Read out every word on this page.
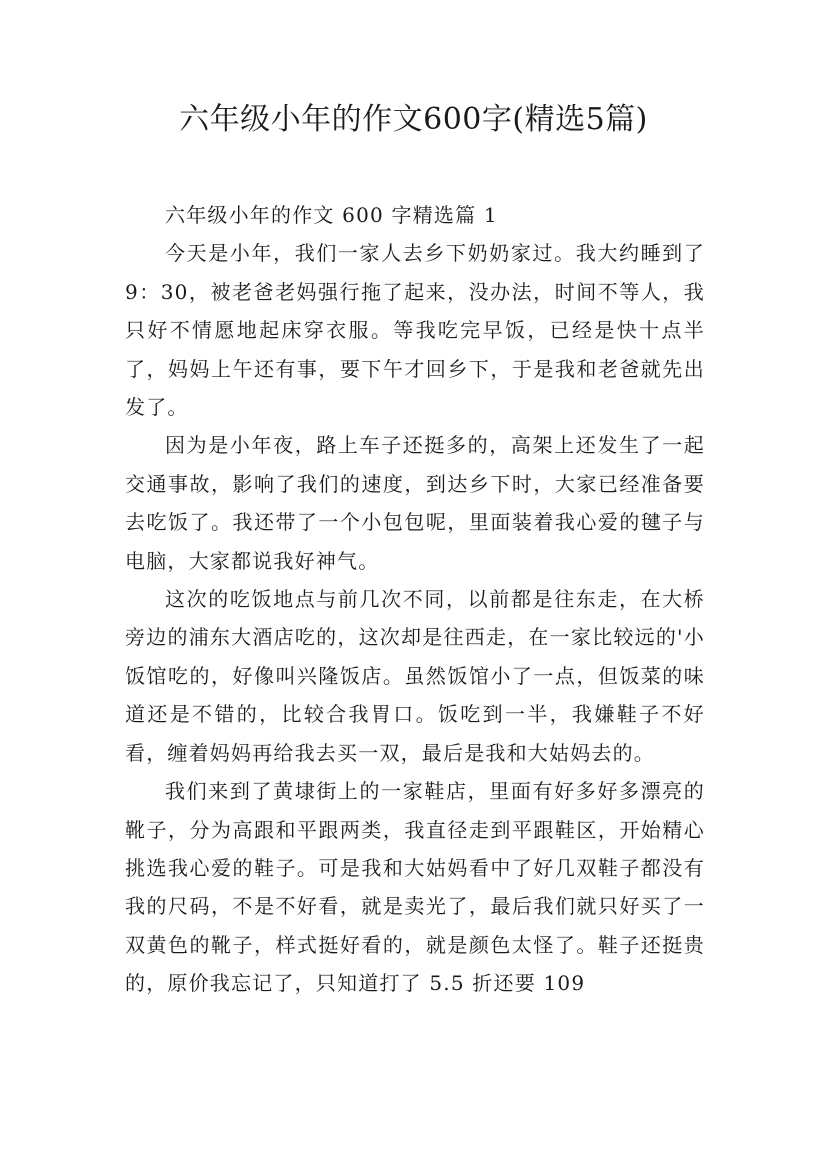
六年级小年的作文600字(精选5篇)

六年级小年的作文 600 字精选篇 1

今天是小年，我们一家人去乡下奶奶家过。我大约睡到了 9：30，被老爸老妈强行拖了起来，没办法，时间不等人，我只好不情愿地起床穿衣服。等我吃完早饭，已经是快十点半了，妈妈上午还有事，要下午才回乡下，于是我和老爸就先出发了。

因为是小年夜，路上车子还挺多的，高架上还发生了一起交通事故，影响了我们的速度，到达乡下时，大家已经准备要去吃饭了。我还带了一个小包包呢，里面装着我心爱的毽子与电脑，大家都说我好神气。

这次的吃饭地点与前几次不同，以前都是往东走，在大桥旁边的浦东大酒店吃的，这次却是往西走，在一家比较远的'小饭馆吃的，好像叫兴隆饭店。虽然饭馆小了一点，但饭菜的味道还是不错的，比较合我胃口。饭吃到一半，我嫌鞋子不好看，缠着妈妈再给我去买一双，最后是我和大姑妈去的。

我们来到了黄埭街上的一家鞋店，里面有好多好多漂亮的靴子，分为高跟和平跟两类，我直径走到平跟鞋区，开始精心挑选我心爱的鞋子。可是我和大姑妈看中了好几双鞋子都没有我的尺码，不是不好看，就是卖光了，最后我们就只好买了一双黄色的靴子，样式挺好看的，就是颜色太怪了。鞋子还挺贵的，原价我忘记了，只知道打了 5.5 折还要 109
